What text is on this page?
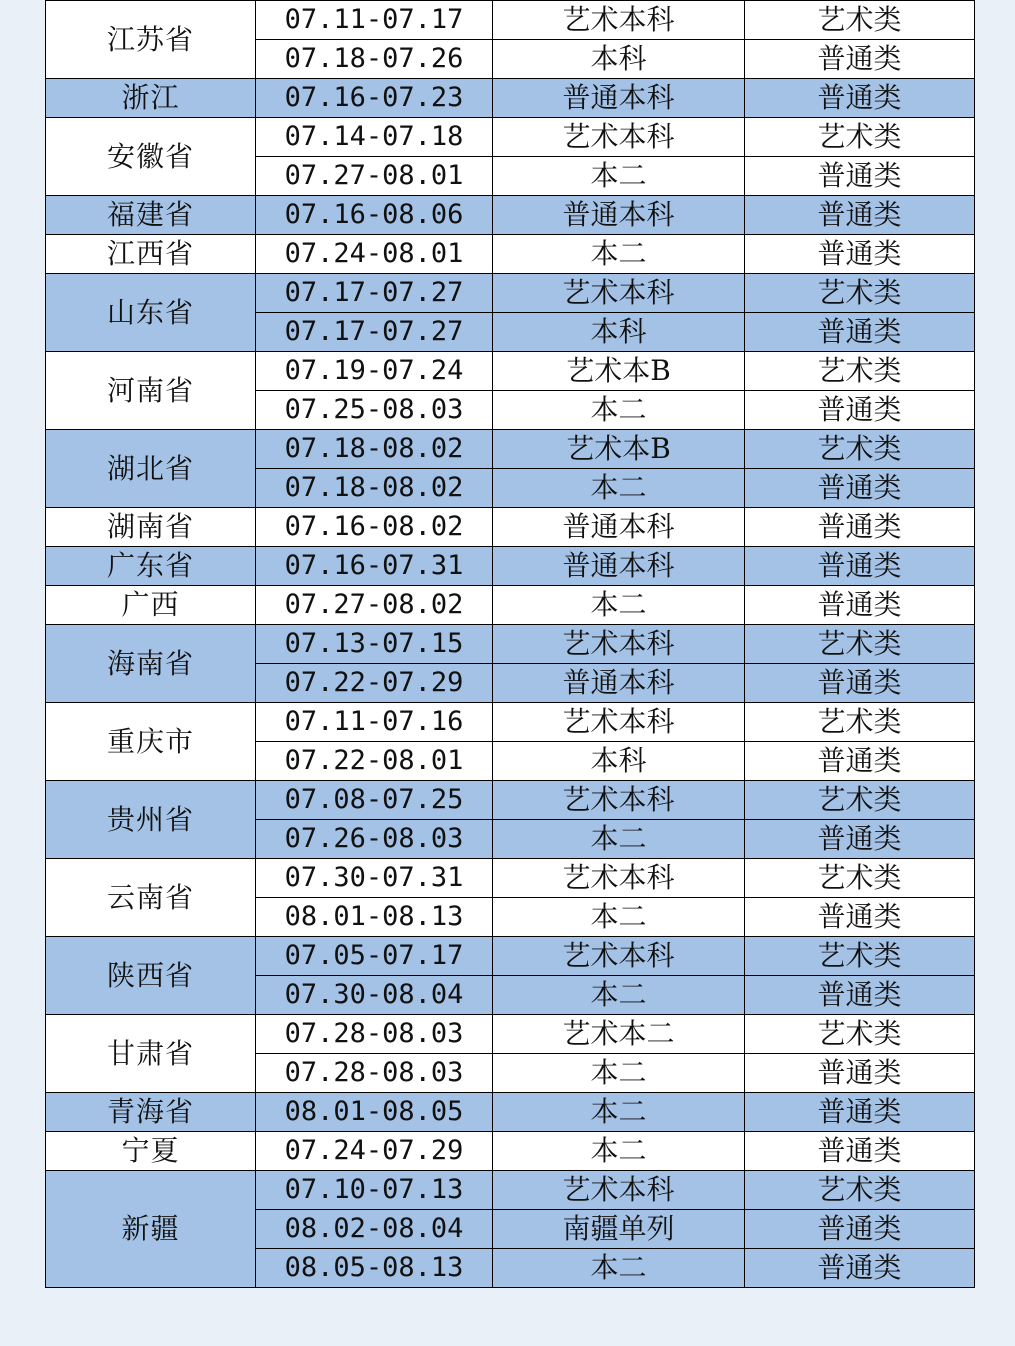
江苏省	07.11-07.17	艺术本科	艺术类
	07.18-07.26	本科	普通类
浙江	07.16-07.23	普通本科	普通类
安徽省	07.14-07.18	艺术本科	艺术类
	07.27-08.01	本二	普通类
福建省	07.16-08.06	普通本科	普通类
江西省	07.24-08.01	本二	普通类
山东省	07.17-07.27	艺术本科	艺术类
	07.17-07.27	本科	普通类
河南省	07.19-07.24	艺术本B	艺术类
	07.25-08.03	本二	普通类
湖北省	07.18-08.02	艺术本B	艺术类
	07.18-08.02	本二	普通类
湖南省	07.16-08.02	普通本科	普通类
广东省	07.16-07.31	普通本科	普通类
广西	07.27-08.02	本二	普通类
海南省	07.13-07.15	艺术本科	艺术类
	07.22-07.29	普通本科	普通类
重庆市	07.11-07.16	艺术本科	艺术类
	07.22-08.01	本科	普通类
贵州省	07.08-07.25	艺术本科	艺术类
	07.26-08.03	本二	普通类
云南省	07.30-07.31	艺术本科	艺术类
	08.01-08.13	本二	普通类
陕西省	07.05-07.17	艺术本科	艺术类
	07.30-08.04	本二	普通类
甘肃省	07.28-08.03	艺术本二	艺术类
	07.28-08.03	本二	普通类
青海省	08.01-08.05	本二	普通类
宁夏	07.24-07.29	本二	普通类
新疆	07.10-07.13	艺术本科	艺术类
	08.02-08.04	南疆单列	普通类
	08.05-08.13	本二	普通类
